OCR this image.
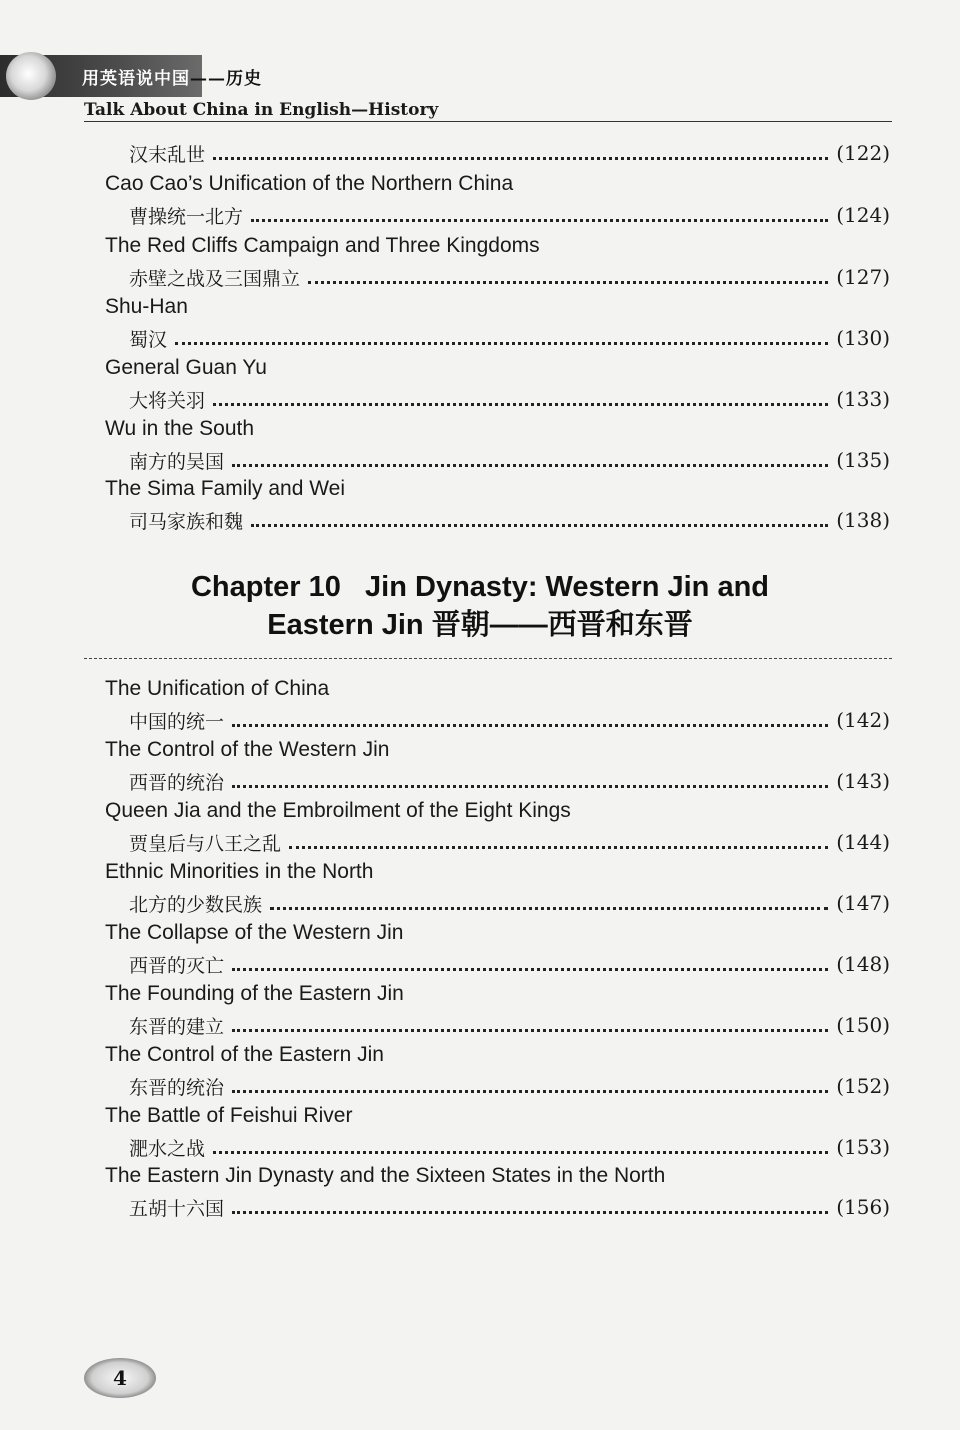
用英语说中国——历史
Talk About China in English—History
汉末乱世	(122)
Cao Cao’s Unification of the Northern China
曹操统一北方	(124)
The Red Cliffs Campaign and Three Kingdoms
赤壁之战及三国鼎立	(127)
Shu-Han
蜀汉	(130)
General Guan Yu
大将关羽	(133)
Wu in the South
南方的吴国	(135)
The Sima Family and Wei
司马家族和魏	(138)
Chapter 10   Jin Dynasty: Western Jin and
Eastern Jin 晋朝——西晋和东晋
The Unification of China
中国的统一	(142)
The Control of the Western Jin
西晋的统治	(143)
Queen Jia and the Embroilment of the Eight Kings
贾皇后与八王之乱	(144)
Ethnic Minorities in the North
北方的少数民族	(147)
The Collapse of the Western Jin
西晋的灭亡	(148)
The Founding of the Eastern Jin
东晋的建立	(150)
The Control of the Eastern Jin
东晋的统治	(152)
The Battle of Feishui River
淝水之战	(153)
The Eastern Jin Dynasty and the Sixteen States in the North
五胡十六国	(156)
4
